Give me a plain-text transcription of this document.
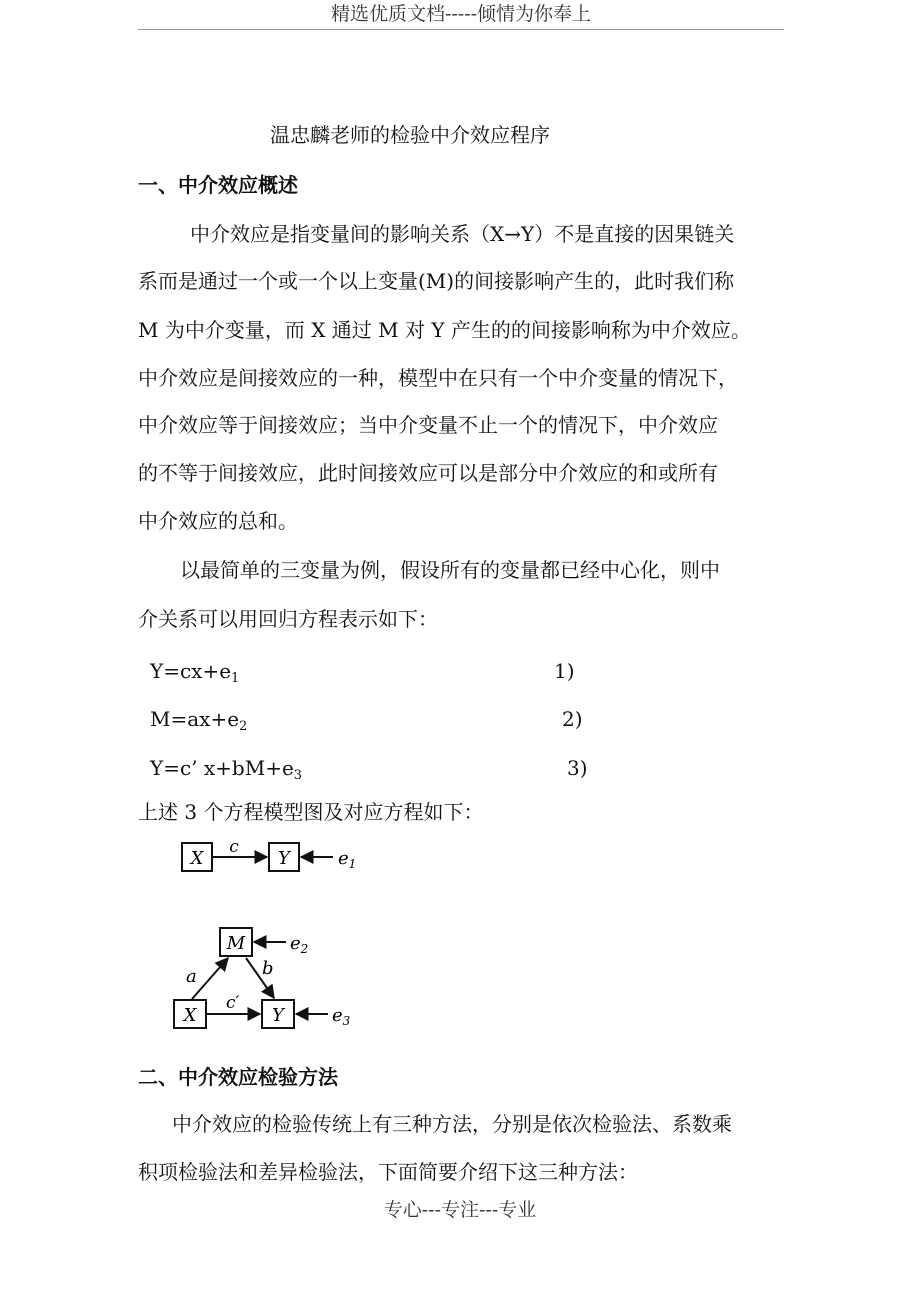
精选优质文档-----倾情为你奉上
温忠麟老师的检验中介效应程序
一、中介效应概述
中介效应是指变量间的影响关系（X→Y）不是直接的因果链关
系而是通过一个或一个以上变量(M)的间接影响产生的，此时我们称
M 为中介变量，而 X 通过 M 对 Y 产生的的间接影响称为中介效应。
中介效应是间接效应的一种，模型中在只有一个中介变量的情况下，
中介效应等于间接效应；当中介变量不止一个的情况下，中介效应
的不等于间接效应，此时间接效应可以是部分中介效应的和或所有
中介效应的总和。
以最简单的三变量为例，假设所有的变量都已经中心化，则中
介关系可以用回归方程表示如下：
$Y=cx+e_1$	1)
$M=ax+e_2$	2)
Y=c’ $x+bM+e_3$	3)
上述 3 个方程模型图及对应方程如下：
X
c
Y	$e_1$
M $e_2$
X	Y
a	b
c′
$e_3$
二、中介效应检验方法
中介效应的检验传统上有三种方法，分别是依次检验法、系数乘
积项检验法和差异检验法，下面简要介绍下这三种方法：
专心---专注---专业
